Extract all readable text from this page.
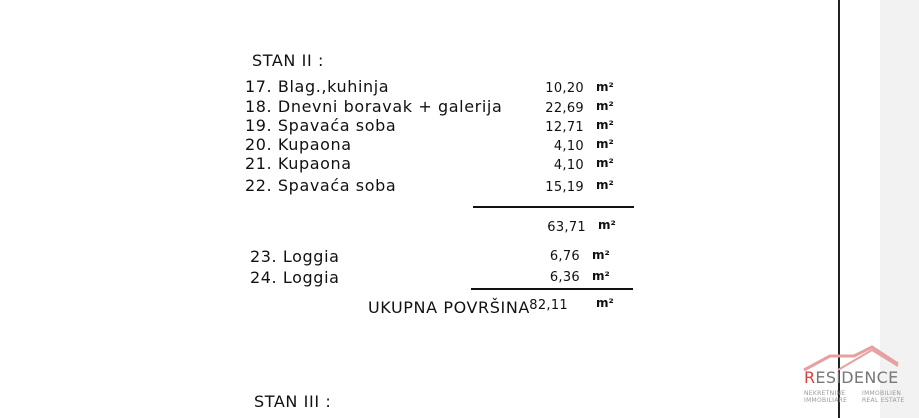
STAN II :
17. Blag.,kuhinja	10,20 m²
18. Dnevni boravak + galerija	22,69 m²
19. Spavaća soba	12,71 m²
20. Kupaona	4,10 m²
21. Kupaona	4,10 m²
22. Spavaća soba	15,19 m²
63,71 m²
23. Loggia	6,76 m²
24. Loggia	6,36 m²
UKUPNA POVRŠINA 82,11 m²
STAN III :
RESIDENCE
NEKRETNINE
IMMOBILIARE
IMMOBILIEN
REAL ESTATE
